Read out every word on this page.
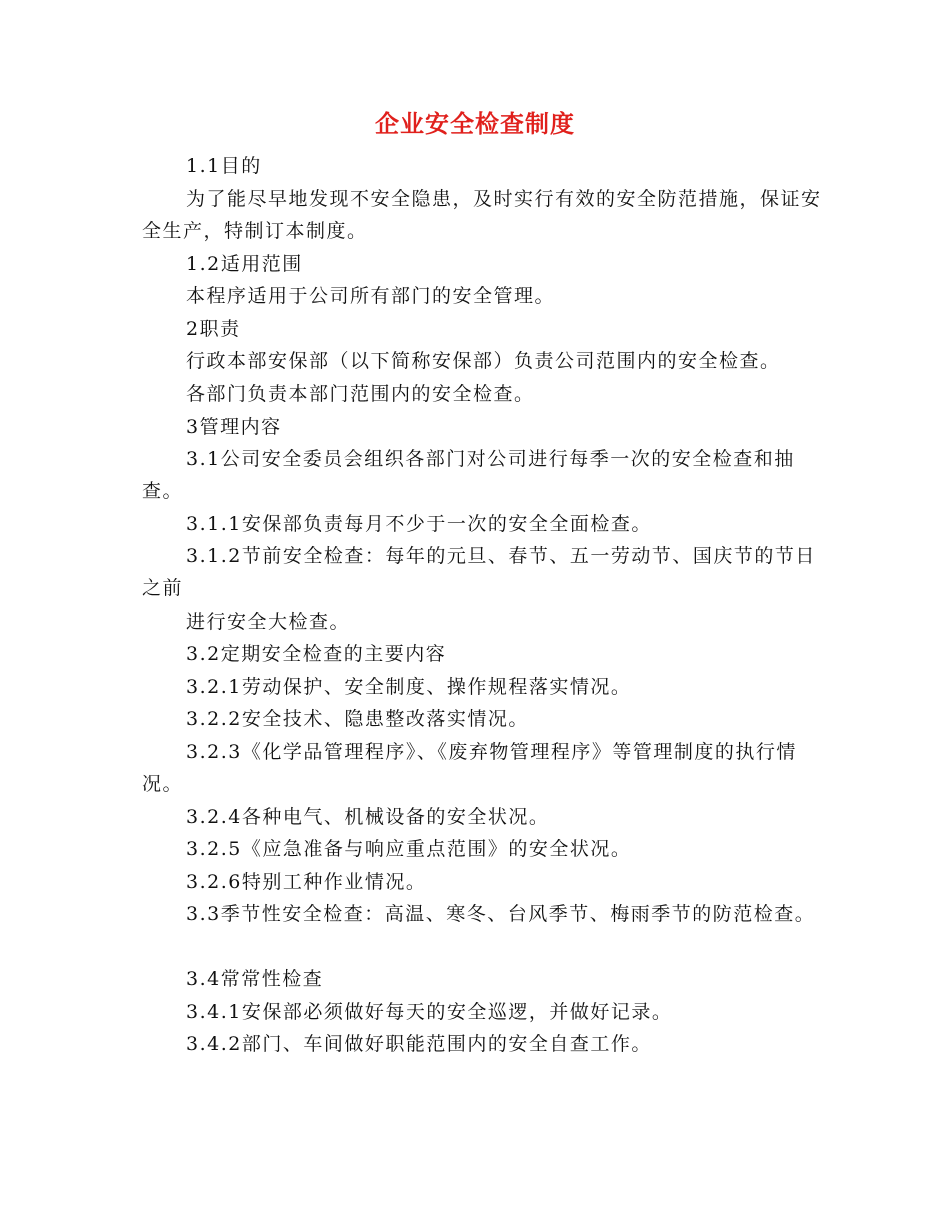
企业安全检查制度
1.1目的
为了能尽早地发现不安全隐患，及时实行有效的安全防范措施，保证安全生产，特制订本制度。
1.2适用范围
本程序适用于公司所有部门的安全管理。
2职责
行政本部安保部（以下简称安保部）负责公司范围内的安全检查。
各部门负责本部门范围内的安全检查。
3管理内容
3.1公司安全委员会组织各部门对公司进行每季一次的安全检查和抽查。
3.1.1安保部负责每月不少于一次的安全全面检查。
3.1.2节前安全检查：每年的元旦、春节、五一劳动节、国庆节的节日之前
进行安全大检查。
3.2定期安全检查的主要内容
3.2.1劳动保护、安全制度、操作规程落实情况。
3.2.2安全技术、隐患整改落实情况。
3.2.3《化学品管理程序》、《废弃物管理程序》等管理制度的执行情况。
3.2.4各种电气、机械设备的安全状况。
3.2.5《应急准备与响应重点范围》的安全状况。
3.2.6特别工种作业情况。
3.3季节性安全检查：高温、寒冬、台风季节、梅雨季节的防范检查。
3.4常常性检查
3.4.1安保部必须做好每天的安全巡逻，并做好记录。
3.4.2部门、车间做好职能范围内的安全自查工作。
